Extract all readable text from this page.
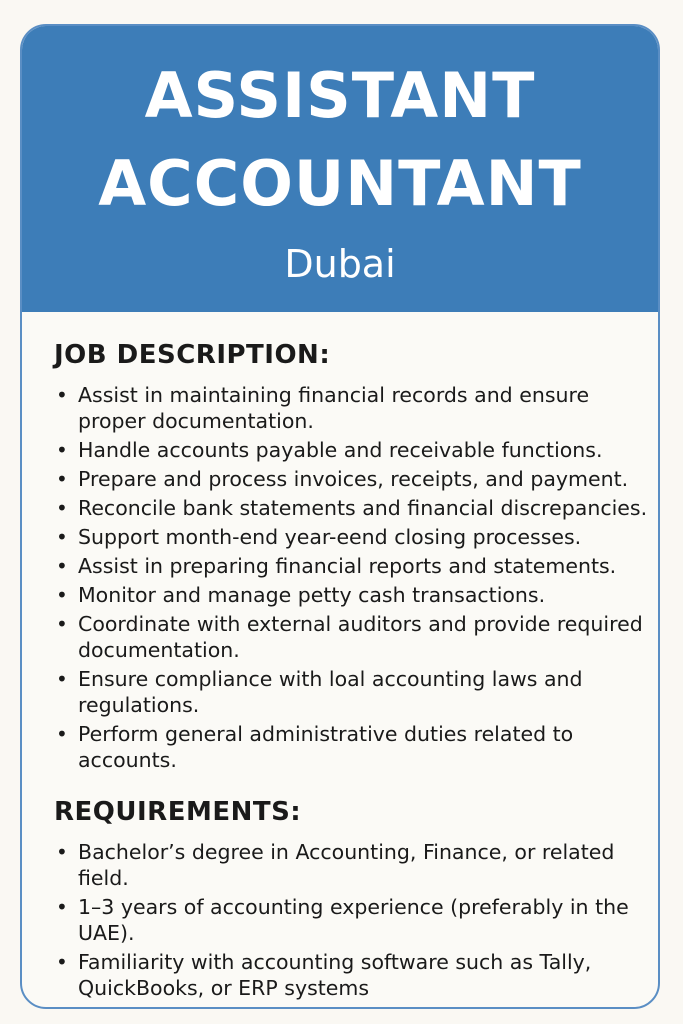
ASSISTANT
ACCOUNTANT
Dubai
JOB DESCRIPTION:
• Assist in maintaining financial records and ensure proper documentation.
• Handle accounts payable and receivable functions.
• Prepare and process invoices, receipts, and payment.
• Reconcile bank statements and financial discrepancies.
• Support month-end year-eend closing processes.
• Assist in preparing financial reports and statements.
• Monitor and manage petty cash transactions.
• Coordinate with external auditors and provide required documentation.
• Ensure compliance with loal accounting laws and regulations.
• Perform general administrative duties related to accounts.
REQUIREMENTS:
• Bachelor’s degree in Accounting, Finance, or related field.
• 1–3 years of accounting experience (preferably in the UAE).
• Familiarity with accounting software such as Tally, QuickBooks, or ERP systems
